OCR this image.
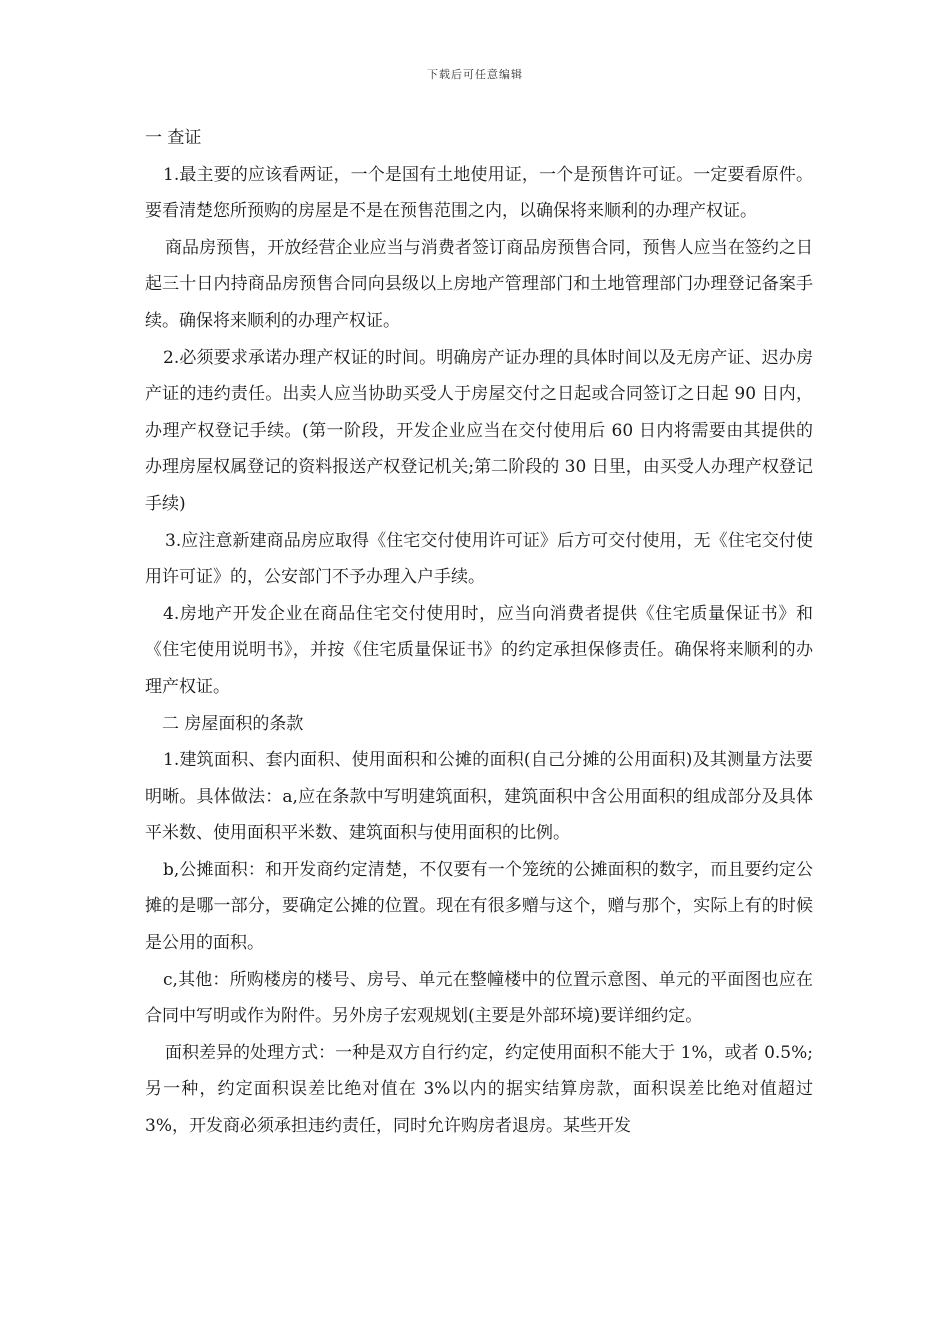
下载后可任意编辑

一 查证

1.最主要的应该看两证，一个是国有土地使用证，一个是预售许可证。一定要看原件。要看清楚您所预购的房屋是不是在预售范围之内，以确保将来顺利的办理产权证。

商品房预售，开放经营企业应当与消费者签订商品房预售合同，预售人应当在签约之日起三十日内持商品房预售合同向县级以上房地产管理部门和土地管理部门办理登记备案手续。确保将来顺利的办理产权证。

2.必须要求承诺办理产权证的时间。明确房产证办理的具体时间以及无房产证、迟办房产证的违约责任。出卖人应当协助买受人于房屋交付之日起或合同签订之日起 90 日内，办理产权登记手续。(第一阶段，开发企业应当在交付使用后 60 日内将需要由其提供的办理房屋权属登记的资料报送产权登记机关;第二阶段的 30 日里，由买受人办理产权登记手续)

3.应注意新建商品房应取得《住宅交付使用许可证》后方可交付使用，无《住宅交付使用许可证》的，公安部门不予办理入户手续。

4.房地产开发企业在商品住宅交付使用时，应当向消费者提供《住宅质量保证书》和《住宅使用说明书》，并按《住宅质量保证书》的约定承担保修责任。确保将来顺利的办理产权证。

二 房屋面积的条款

1.建筑面积、套内面积、使用面积和公摊的面积(自己分摊的公用面积)及其测量方法要明晰。具体做法：a,应在条款中写明建筑面积，建筑面积中含公用面积的组成部分及具体平米数、使用面积平米数、建筑面积与使用面积的比例。

b,公摊面积：和开发商约定清楚，不仅要有一个笼统的公摊面积的数字，而且要约定公摊的是哪一部分，要确定公摊的位置。现在有很多赠与这个，赠与那个，实际上有的时候是公用的面积。

c,其他：所购楼房的楼号、房号、单元在整幢楼中的位置示意图、单元的平面图也应在合同中写明或作为附件。另外房子宏观规划(主要是外部环境)要详细约定。

面积差异的处理方式：一种是双方自行约定，约定使用面积不能大于 1%，或者 0.5%;另一种，约定面积误差比绝对值在 3%以内的据实结算房款，面积误差比绝对值超过 3%，开发商必须承担违约责任，同时允许购房者退房。某些开发
